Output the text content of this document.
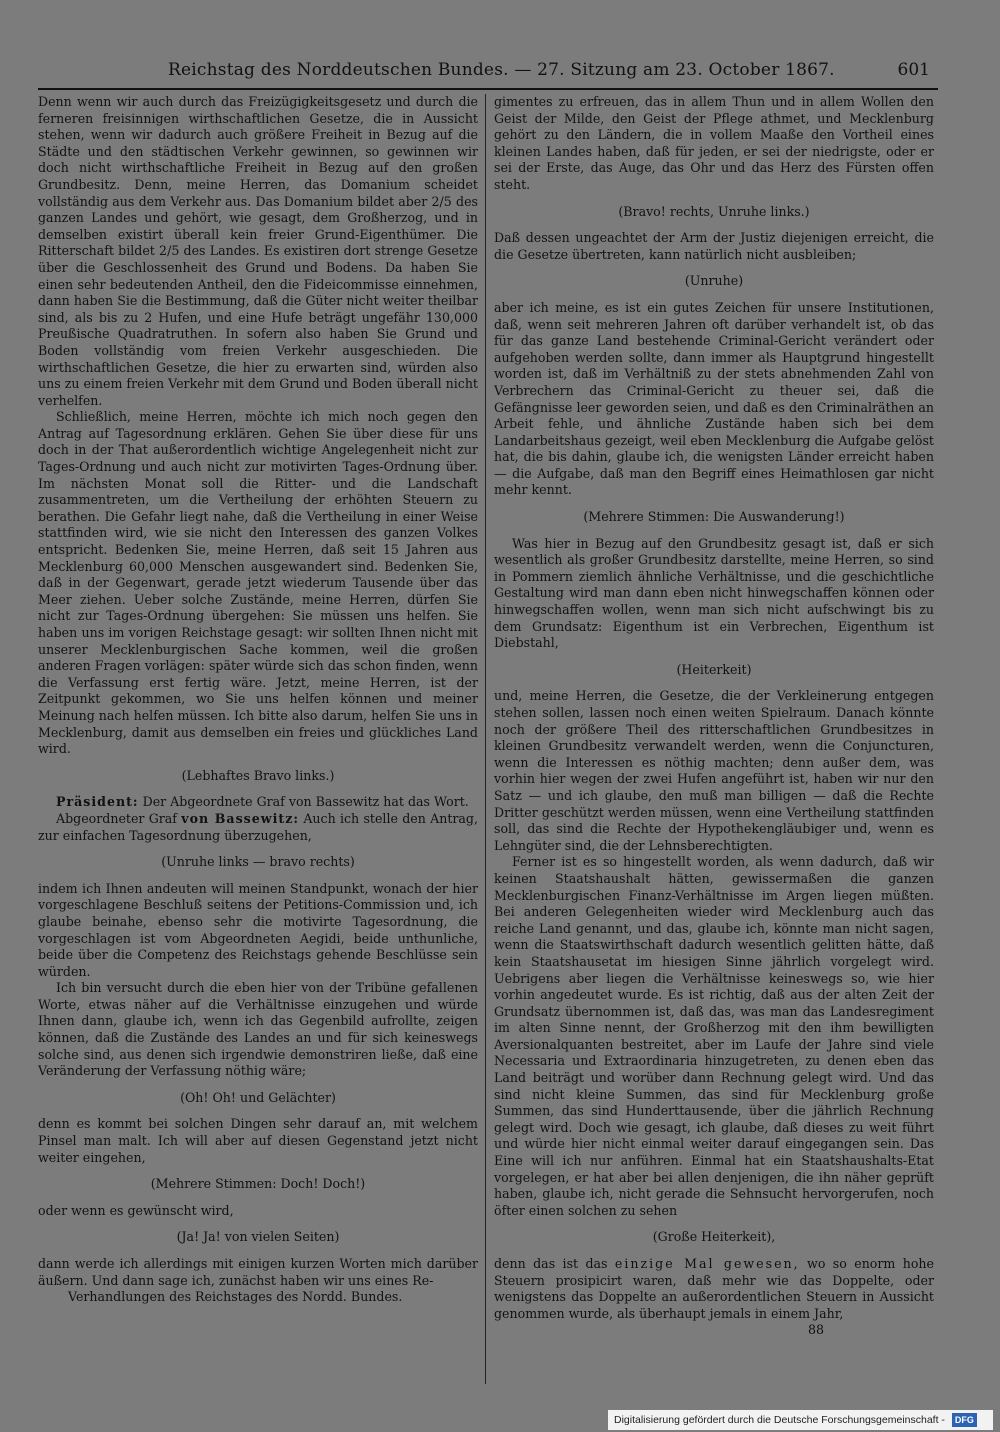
Reichstag des Norddeutschen Bundes. — 27. Sitzung am 23. October 1867.	601

Denn wenn wir auch durch das Freizügigkeitsgesetz und durch die ferneren freisinnigen wirthschaftlichen Gesetze, die in Aussicht stehen, wenn wir dadurch auch größere Freiheit in Bezug auf die Städte und den städtischen Verkehr gewinnen, so gewinnen wir doch nicht wirthschaftliche Freiheit in Bezug auf den großen Grundbesitz. Denn, meine Herren, das Domanium scheidet vollständig aus dem Verkehr aus. Das Domanium bildet aber 2/5 des ganzen Landes und gehört, wie gesagt, dem Großherzog, und in demselben existirt überall kein freier Grund-Eigenthümer. Die Ritterschaft bildet 2/5 des Landes. Es existiren dort strenge Gesetze über die Geschlossenheit des Grund und Bodens. Da haben Sie einen sehr bedeutenden Antheil, den die Fideicommisse einnehmen, dann haben Sie die Bestimmung, daß die Güter nicht weiter theilbar sind, als bis zu 2 Hufen, und eine Hufe beträgt ungefähr 130,000 Preußische Quadratruthen. In sofern also haben Sie Grund und Boden vollständig vom freien Verkehr ausgeschieden. Die wirthschaftlichen Gesetze, die hier zu erwarten sind, würden also uns zu einem freien Verkehr mit dem Grund und Boden überall nicht verhelfen.

Schließlich, meine Herren, möchte ich mich noch gegen den Antrag auf Tagesordnung erklären. Gehen Sie über diese für uns doch in der That außerordentlich wichtige Angelegenheit nicht zur Tages-Ordnung und auch nicht zur motivirten Tages-Ordnung über. Im nächsten Monat soll die Ritter- und die Landschaft zusammentreten, um die Vertheilung der erhöhten Steuern zu berathen. Die Gefahr liegt nahe, daß die Vertheilung in einer Weise stattfinden wird, wie sie nicht den Interessen des ganzen Volkes entspricht. Bedenken Sie, meine Herren, daß seit 15 Jahren aus Mecklenburg 60,000 Menschen ausgewandert sind. Bedenken Sie, daß in der Gegenwart, gerade jetzt wiederum Tausende über das Meer ziehen. Ueber solche Zustände, meine Herren, dürfen Sie nicht zur Tages-Ordnung übergehen: Sie müssen uns helfen. Sie haben uns im vorigen Reichstage gesagt: wir sollten Ihnen nicht mit unserer Mecklenburgischen Sache kommen, weil die großen anderen Fragen vorlägen: später würde sich das schon finden, wenn die Verfassung erst fertig wäre. Jetzt, meine Herren, ist der Zeitpunkt gekommen, wo Sie uns helfen können und meiner Meinung nach helfen müssen. Ich bitte also darum, helfen Sie uns in Mecklenburg, damit aus demselben ein freies und glückliches Land wird.

(Lebhaftes Bravo links.)

Präsident: Der Abgeordnete Graf von Bassewitz hat das Wort.

Abgeordneter Graf von Bassewitz: Auch ich stelle den Antrag, zur einfachen Tagesordnung überzugehen,

(Unruhe links — bravo rechts)

indem ich Ihnen andeuten will meinen Standpunkt, wonach der hier vorgeschlagene Beschluß seitens der Petitions-Commission und, ich glaube beinahe, ebenso sehr die motivirte Tagesordnung, die vorgeschlagen ist vom Abgeordneten Aegidi, beide unthunliche, beide über die Competenz des Reichstags gehende Beschlüsse sein würden.

Ich bin versucht durch die eben hier von der Tribüne gefallenen Worte, etwas näher auf die Verhältnisse einzugehen und würde Ihnen dann, glaube ich, wenn ich das Gegenbild aufrollte, zeigen können, daß die Zustände des Landes an und für sich keineswegs solche sind, aus denen sich irgendwie demonstriren ließe, daß eine Veränderung der Verfassung nöthig wäre;

(Oh! Oh! und Gelächter)

denn es kommt bei solchen Dingen sehr darauf an, mit welchem Pinsel man malt. Ich will aber auf diesen Gegenstand jetzt nicht weiter eingehen,

(Mehrere Stimmen: Doch! Doch!)

oder wenn es gewünscht wird,

(Ja! Ja! von vielen Seiten)

dann werde ich allerdings mit einigen kurzen Worten mich darüber äußern. Und dann sage ich, zunächst haben wir uns eines Re-

Verhandlungen des Reichstages des Nordd. Bundes.

gimentes zu erfreuen, das in allem Thun und in allem Wollen den Geist der Milde, den Geist der Pflege athmet, und Mecklenburg gehört zu den Ländern, die in vollem Maaße den Vortheil eines kleinen Landes haben, daß für jeden, er sei der niedrigste, oder er sei der Erste, das Auge, das Ohr und das Herz des Fürsten offen steht.

(Bravo! rechts, Unruhe links.)

Daß dessen ungeachtet der Arm der Justiz diejenigen erreicht, die die Gesetze übertreten, kann natürlich nicht ausbleiben;

(Unruhe)

aber ich meine, es ist ein gutes Zeichen für unsere Institutionen, daß, wenn seit mehreren Jahren oft darüber verhandelt ist, ob das für das ganze Land bestehende Criminal-Gericht verändert oder aufgehoben werden sollte, dann immer als Hauptgrund hingestellt worden ist, daß im Verhältniß zu der stets abnehmenden Zahl von Verbrechern das Criminal-Gericht zu theuer sei, daß die Gefängnisse leer geworden seien, und daß es den Criminalräthen an Arbeit fehle, und ähnliche Zustände haben sich bei dem Landarbeitshaus gezeigt, weil eben Mecklenburg die Aufgabe gelöst hat, die bis dahin, glaube ich, die wenigsten Länder erreicht haben — die Aufgabe, daß man den Begriff eines Heimathlosen gar nicht mehr kennt.

(Mehrere Stimmen: Die Auswanderung!)

Was hier in Bezug auf den Grundbesitz gesagt ist, daß er sich wesentlich als großer Grundbesitz darstellte, meine Herren, so sind in Pommern ziemlich ähnliche Verhältnisse, und die geschichtliche Gestaltung wird man dann eben nicht hinwegschaffen können oder hinwegschaffen wollen, wenn man sich nicht aufschwingt bis zu dem Grundsatz: Eigenthum ist ein Verbrechen, Eigenthum ist Diebstahl,

(Heiterkeit)

und, meine Herren, die Gesetze, die der Verkleinerung entgegen stehen sollen, lassen noch einen weiten Spielraum. Danach könnte noch der größere Theil des ritterschaftlichen Grundbesitzes in kleinen Grundbesitz verwandelt werden, wenn die Conjuncturen, wenn die Interessen es nöthig machten; denn außer dem, was vorhin hier wegen der zwei Hufen angeführt ist, haben wir nur den Satz — und ich glaube, den muß man billigen — daß die Rechte Dritter geschützt werden müssen, wenn eine Vertheilung stattfinden soll, das sind die Rechte der Hypothekengläubiger und, wenn es Lehngüter sind, die der Lehnsberechtigten.

Ferner ist es so hingestellt worden, als wenn dadurch, daß wir keinen Staatshaushalt hätten, gewissermaßen die ganzen Mecklenburgischen Finanz-Verhältnisse im Argen liegen müßten. Bei anderen Gelegenheiten wieder wird Mecklenburg auch das reiche Land genannt, und das, glaube ich, könnte man nicht sagen, wenn die Staatswirthschaft dadurch wesentlich gelitten hätte, daß kein Staatshausetat im hiesigen Sinne jährlich vorgelegt wird. Uebrigens aber liegen die Verhältnisse keineswegs so, wie hier vorhin angedeutet wurde. Es ist richtig, daß aus der alten Zeit der Grundsatz übernommen ist, daß das, was man das Landesregiment im alten Sinne nennt, der Großherzog mit den ihm bewilligten Aversionalquanten bestreitet, aber im Laufe der Jahre sind viele Necessaria und Extraordinaria hinzugetreten, zu denen eben das Land beiträgt und worüber dann Rechnung gelegt wird. Und das sind nicht kleine Summen, das sind für Mecklenburg große Summen, das sind Hunderttausende, über die jährlich Rechnung gelegt wird. Doch wie gesagt, ich glaube, daß dieses zu weit führt und würde hier nicht einmal weiter darauf eingegangen sein. Das Eine will ich nur anführen. Einmal hat ein Staatshaushalts-Etat vorgelegen, er hat aber bei allen denjenigen, die ihn näher geprüft haben, glaube ich, nicht gerade die Sehnsucht hervorgerufen, noch öfter einen solchen zu sehen

(Große Heiterkeit),

denn das ist das einzige Mal gewesen, wo so enorm hohe Steuern prosipicirt waren, daß mehr wie das Doppelte, oder wenigstens das Doppelte an außerordentlichen Steuern in Aussicht genommen wurde, als überhaupt jemals in einem Jahr,

88

Digitalisierung gefördert durch die Deutsche Forschungsgemeinschaft - DFG
